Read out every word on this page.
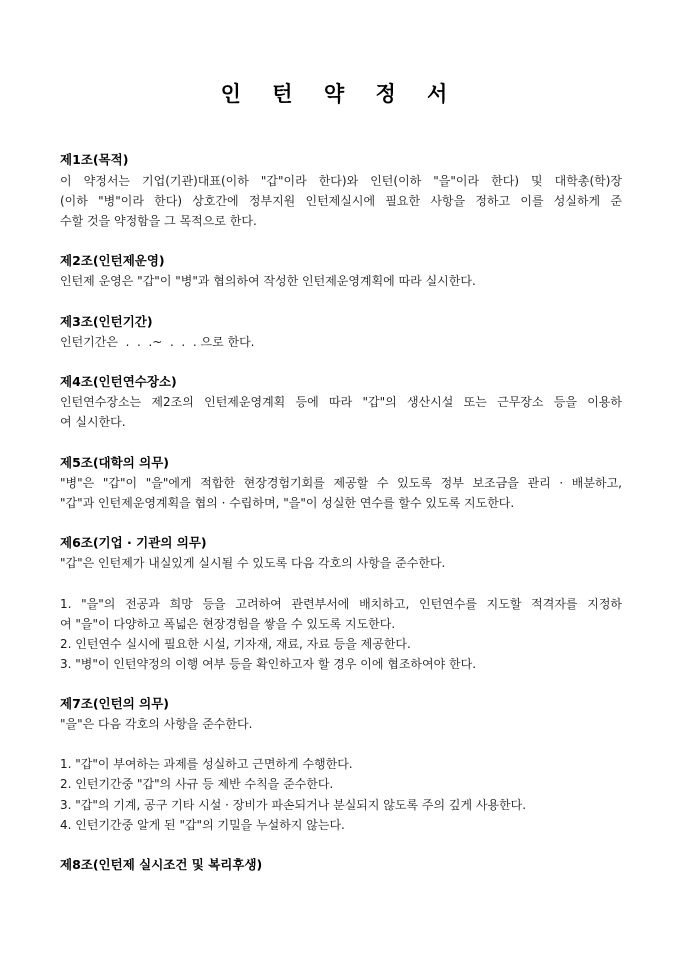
인 턴 약 정 서
제1조(목적)
이 약정서는 기업(기관)대표(이하 "갑"이라 한다)와 인턴(이하 "을"이라 한다) 및 대학총(학)장
(이하 "병"이라 한다) 상호간에 정부지원 인턴제실시에 필요한 사항을 정하고 이를 성실하게 준
수할 것을 약정함을 그 목적으로 한다.
제2조(인턴제운영)
인턴제 운영은 "갑"이 "병"과 협의하여 작성한 인턴제운영계획에 따라 실시한다.
제3조(인턴기간)
인턴기간은  .  .  .~  .  .  . 으로 한다.
제4조(인턴연수장소)
인턴연수장소는 제2조의 인턴제운영계획 등에 따라 "갑"의 생산시설 또는 근무장소 등을 이용하
여 실시한다.
제5조(대학의 의무)
"병"은 "갑"이 "을"에게 적합한 현장경험기회를 제공할 수 있도록 정부 보조금을 관리 · 배분하고,
"갑"과 인턴제운영계획을 협의 · 수립하며, "을"이 성실한 연수를 할수 있도록 지도한다.
제6조(기업 · 기관의 의무)
"갑"은 인턴제가 내실있게 실시될 수 있도록 다음 각호의 사항을 준수한다.
1. "을"의 전공과 희망 등을 고려하여 관련부서에 배치하고, 인턴연수를 지도할 적격자를 지정하
여 "을"이 다양하고 폭넓은 현장경험을 쌓을 수 있도록 지도한다.
2. 인턴연수 실시에 필요한 시설, 기자재, 재료, 자료 등을 제공한다.
3. "병"이 인턴약정의 이행 여부 등을 확인하고자 할 경우 이에 협조하여야 한다.
제7조(인턴의 의무)
"을"은 다음 각호의 사항을 준수한다.
1. "갑"이 부여하는 과제를 성실하고 근면하게 수행한다.
2. 인턴기간중 "갑"의 사규 등 제반 수칙을 준수한다.
3. "갑"의 기계, 공구 기타 시설 · 장비가 파손되거나 분실되지 않도록 주의 깊게 사용한다.
4. 인턴기간중 알게 된 "갑"의 기밀을 누설하지 않는다.
제8조(인턴제 실시조건 및 복리후생)
